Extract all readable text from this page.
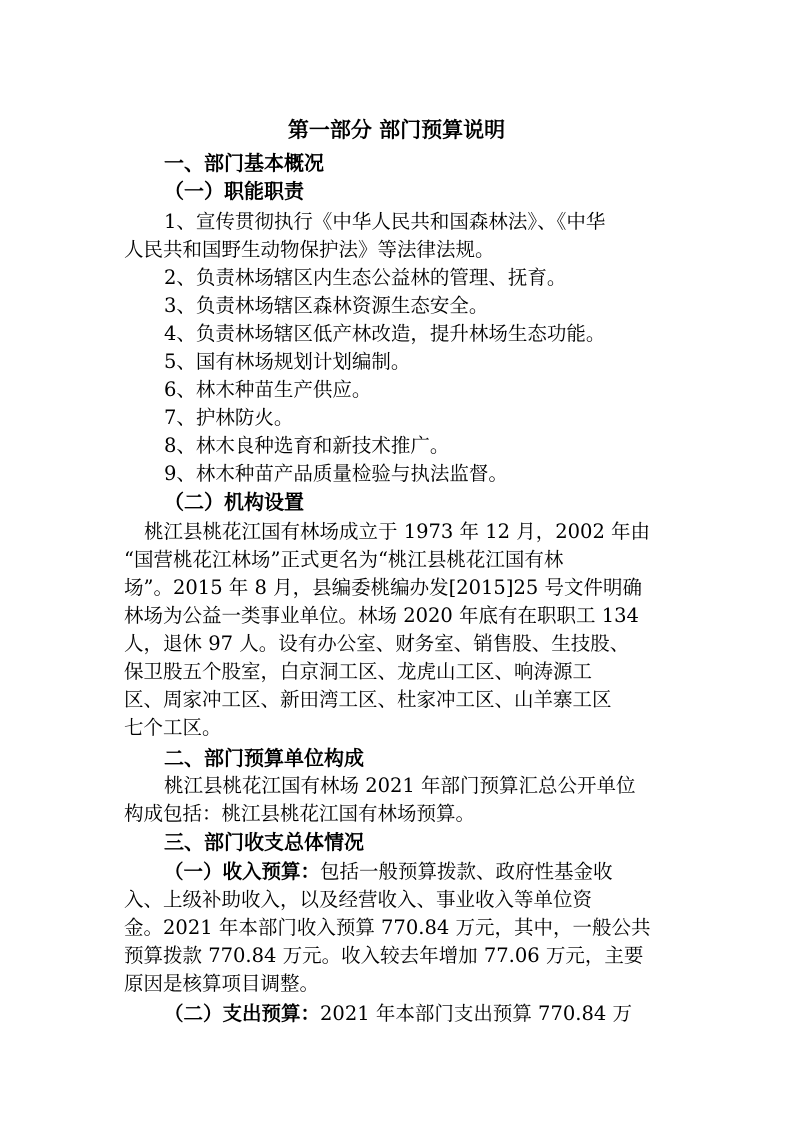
第一部分 部门预算说明
一、部门基本概况
（一）职能职责

1、宣传贯彻执行《中华人民共和国森林法》、《中华

人民共和国野生动物保护法》等法律法规。

2、负责林场辖区内生态公益林的管理、抚育。

3、负责林场辖区森林资源生态安全。

4、负责林场辖区低产林改造，提升林场生态功能。

5、国有林场规划计划编制。

6、林木种苗生产供应。

7、护林防火。

8、林木良种选育和新技术推广。

9、林木种苗产品质量检验与执法监督。

（二）机构设置

桃江县桃花江国有林场成立于 1973 年 12 月，2002 年由

“国营桃花江林场”正式更名为“桃江县桃花江国有林

场”。2015 年 8 月，县编委桃编办发[2015]25 号文件明确

林场为公益一类事业单位。林场 2020 年底有在职职工 134

人，退休 97 人。设有办公室、财务室、销售股、生技股、

保卫股五个股室，白京洞工区、龙虎山工区、响涛源工

区、周家冲工区、新田湾工区、杜家冲工区、山羊寨工区

七个工区。

二、部门预算单位构成

桃江县桃花江国有林场 2021 年部门预算汇总公开单位

构成包括：桃江县桃花江国有林场预算。

三、部门收支总体情况

（一）收入预算：包括一般预算拨款、政府性基金收

入、上级补助收入，以及经营收入、事业收入等单位资

金。2021 年本部门收入预算 770.84 万元，其中，一般公共

预算拨款 770.84 万元。收入较去年增加 77.06 万元，主要

原因是核算项目调整。

（二）支出预算：2021 年本部门支出预算 770.84 万
